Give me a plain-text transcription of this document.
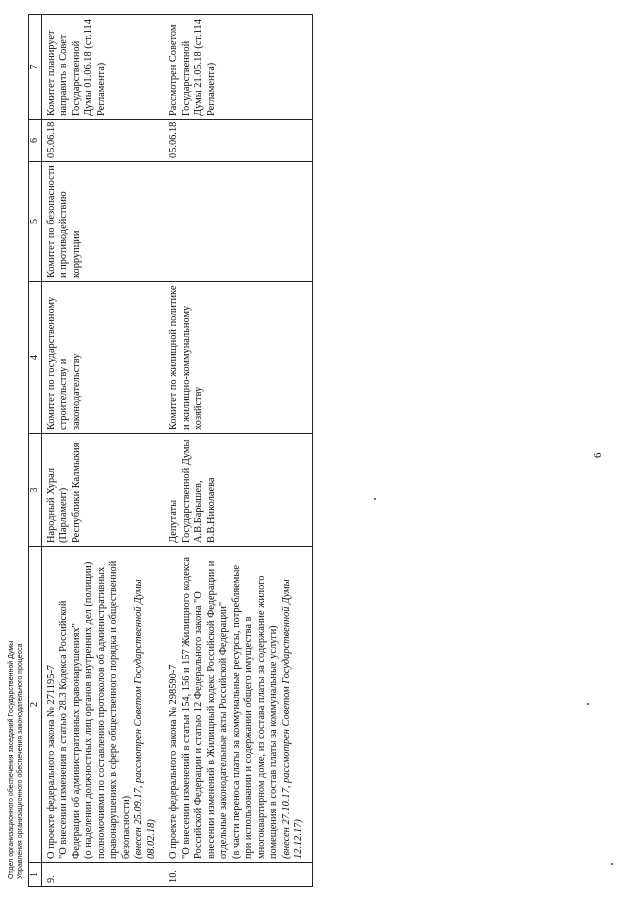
6
1	2	3	4	5	6	7
9.	О проекте федерального закона № 271195-7 "О внесении изменения в статью 28.3 Кодекса Российской Федерации об административных правонарушениях"
(о наделении должностных лиц органов внутренних дел (полиции) полномочиями по составлению протоколов об административных правонарушениях в сфере общественного порядка и общественной безопасности) (внесен 25.09.17, рассмотрен Советом Государственной Думы 08.02.18)	Народный Хурал (Парламент) Республики Калмыкия	Комитет по государственному строительству и законодательству	Комитет по безопасности и противодействию коррупции	05.06.18	Комитет планирует направить в Совет Государственной Думы 01.06.18 (ст.114 Регламента)
10.	О проекте федерального закона № 298590-7 "О внесении изменений в статьи 154, 156 и 157 Жилищного кодекса Российской Федерации и статью 12 Федерального закона "О внесении изменений в Жилищный кодекс Российской Федерации и отдельные законодательные акты Российской Федерации"
(в части переноса платы за коммунальные ресурсы, потребляемые при использовании и содержании общего имущества в многоквартирном доме, из состава платы за содержание жилого помещения в состав платы за коммунальные услуги) (внесен 27.10.17, рассмотрен Советом Государственной Думы 12.12.17)	Депутаты Государственной Думы А.В.Барышев, В.В.Николаева	Комитет по жилищной политике и жилищно-коммунальному хозяйству		05.06.18	Рассмотрен Советом Государственной Думы 21.05.18 (ст.114 Регламента)
Отдел организационного обеспечения заседаний Государственной Думы Управления организационного обеспечения законодательного процесса
